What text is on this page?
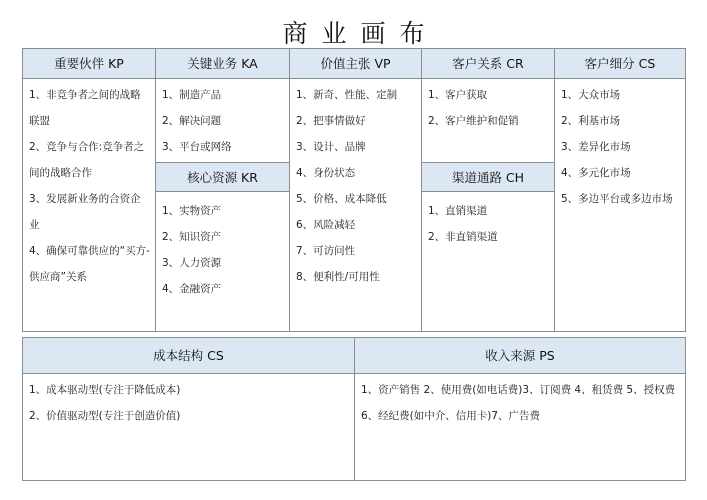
商业画布
重要伙伴 KP
1、非竞争者之间的战略联盟
2、竞争与合作:竞争者之间的战略合作
3、发展新业务的合资企业
4、确保可靠供应的“买方-供应商”关系
关键业务 KA
1、制造产品
2、解决问题
3、平台或网络
核心资源 KR
1、实物资产
2、知识资产
3、人力资源
4、金融资产
价值主张 VP
1、新奇、性能、定制
2、把事情做好
3、设计、品牌
4、身份状态
5、价格、成本降低
6、风险减轻
7、可访问性
8、便利性/可用性
客户关系 CR
1、客户获取
2、客户维护和促销
渠道通路 CH
1、直销渠道
2、非直销渠道
客户细分 CS
1、大众市场
2、利基市场
3、差异化市场
4、多元化市场
5、多边平台或多边市场
成本结构 CS
1、成本驱动型(专注于降低成本)
2、价值驱动型(专注于创造价值)
收入来源 PS
1、资产销售 2、使用费(如电话费)3、订阅费 4、租赁费 5、授权费 6、经纪费(如中介、信用卡)7、广告费
